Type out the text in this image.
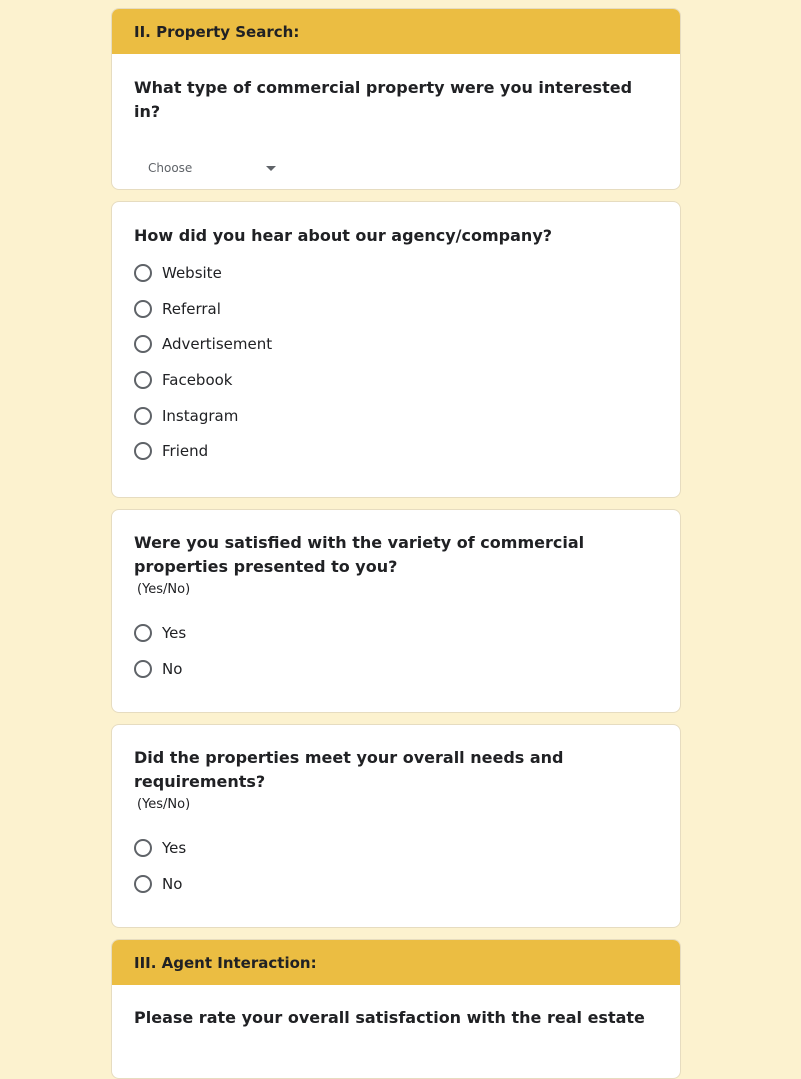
II. Property Search:

What type of commercial property were you interested in?

Choose

How did you hear about our agency/company?

Website
Referral
Advertisement
Facebook
Instagram
Friend

Were you satisfied with the variety of commercial properties presented to you?

(Yes/No)

Yes
No

Did the properties meet your overall needs and requirements?

(Yes/No)

Yes
No
III. Agent Interaction:

Please rate your overall satisfaction with the real estate
